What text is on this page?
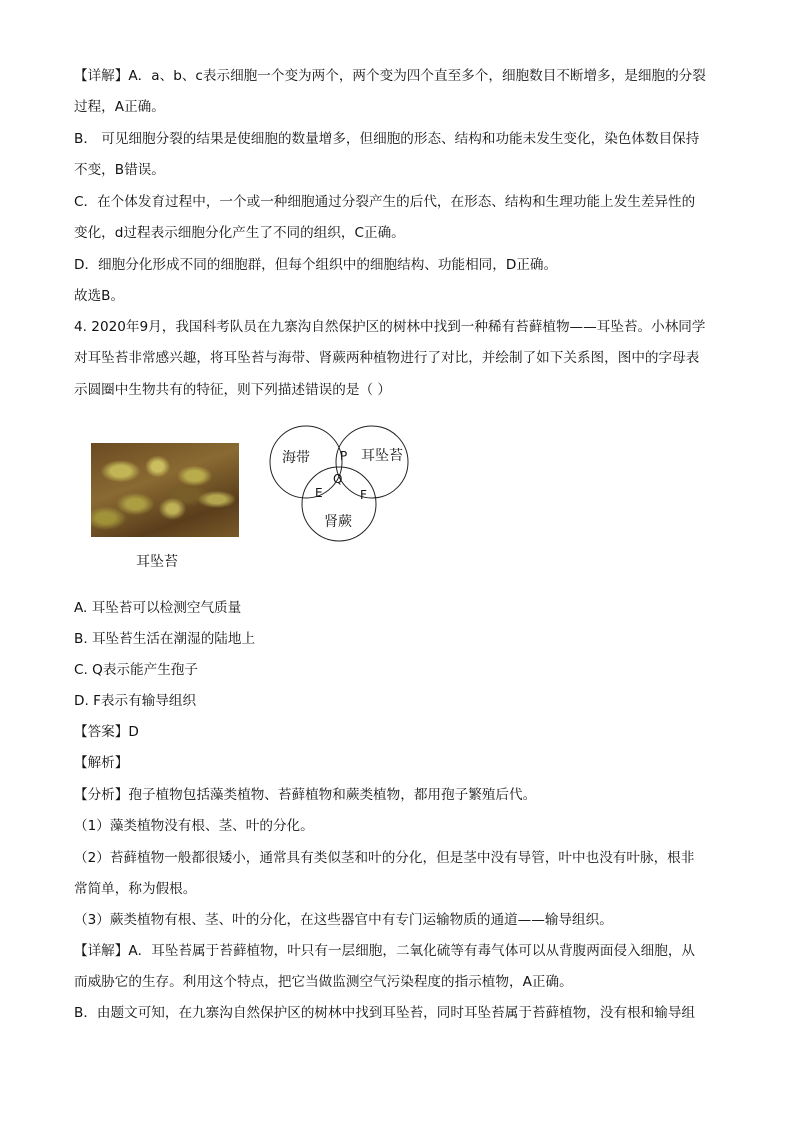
【详解】A．a、b、c表示细胞一个变为两个，两个变为四个直至多个，细胞数目不断增多，是细胞的分裂
过程，A正确。
B． 可见细胞分裂的结果是使细胞的数量增多，但细胞的形态、结构和功能未发生变化，染色体数目保持
不变，B错误。
C．在个体发育过程中，一个或一种细胞通过分裂产生的后代，在形态、结构和生理功能上发生差异性的
变化，d过程表示细胞分化产生了不同的组织，C正确。
D．细胞分化形成不同的细胞群，但每个组织中的细胞结构、功能相同，D正确。
故选B。
4. 2020年9月，我国科考队员在九寨沟自然保护区的树林中找到一种稀有苔藓植物——耳坠苔。小林同学
对耳坠苔非常感兴趣，将耳坠苔与海带、肾蕨两种植物进行了对比，并绘制了如下关系图，图中的字母表
示圆圈中生物共有的特征，则下列描述错误的是（ ）
耳坠苔
海带	耳坠苔
肾蕨
P
Q
E	F
A. 耳坠苔可以检测空气质量
B. 耳坠苔生活在潮湿的陆地上
C. Q表示能产生孢子
D. F表示有输导组织
【答案】D
【解析】
【分析】孢子植物包括藻类植物、苔藓植物和蕨类植物，都用孢子繁殖后代。
（1）藻类植物没有根、茎、叶的分化。
（2）苔藓植物一般都很矮小，通常具有类似茎和叶的分化，但是茎中没有导管，叶中也没有叶脉，根非
常简单，称为假根。
（3）蕨类植物有根、茎、叶的分化，在这些器官中有专门运输物质的通道——输导组织。
【详解】A．耳坠苔属于苔藓植物，叶只有一层细胞，二氧化硫等有毒气体可以从背腹两面侵入细胞，从
而威胁它的生存。利用这个特点，把它当做监测空气污染程度的指示植物，A正确。
B．由题文可知，在九寨沟自然保护区的树林中找到耳坠苔，同时耳坠苔属于苔藓植物，没有根和输导组
